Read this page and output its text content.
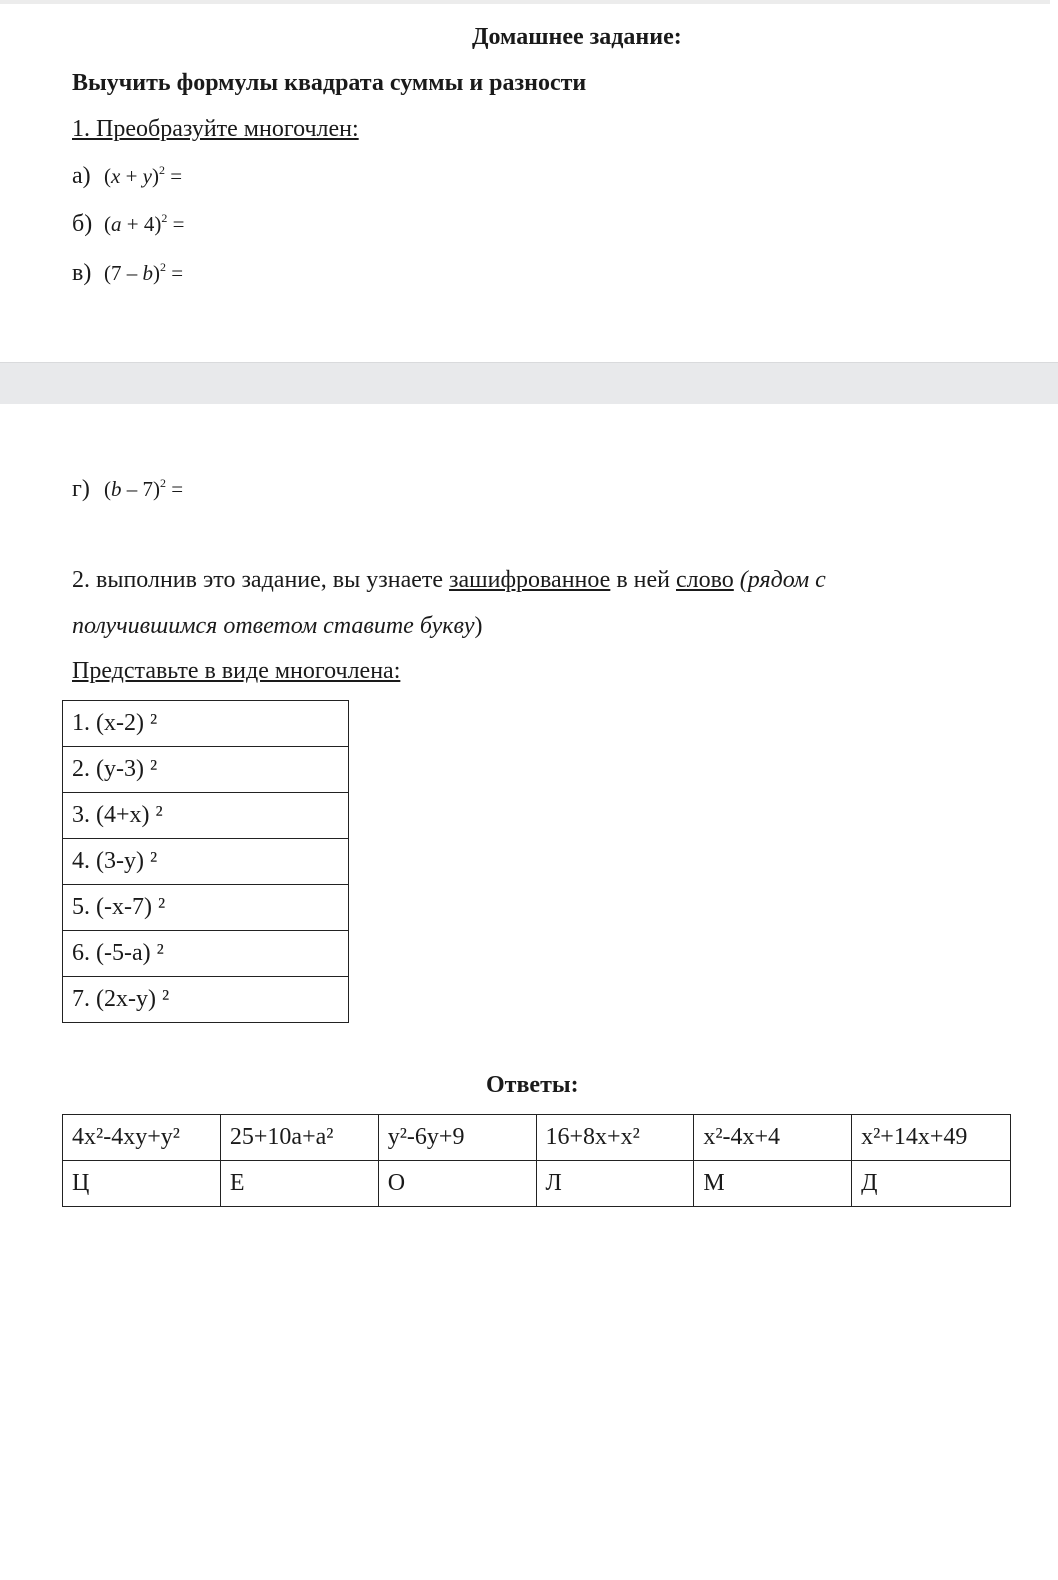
Домашнее задание:
Выучить формулы квадрата суммы и разности
1. Преобразуйте многочлен:
а) $(x + y)^2$ =
б) $(a + 4)^2$ =
в) (7 – b)$^2$ =
г) (b – 7)$^2$ =
2. выполнив это задание, вы узнаете зашифрованное в ней слово (рядом с
получившимся ответом ставите букву)
Представьте в виде многочлена:
1. (x-2) ²
2. (y-3) ²
3. (4+x) ²
4. (3-y) ²
5. (-x-7) ²
6. (-5-a) ²
7. (2x-y) ²
Ответы:
4x²-4xy+y²	25+10a+a²	y²-6y+9	16+8x+x²	x²-4x+4	x²+14x+49
Ц	Е	О	Л	М	Д
